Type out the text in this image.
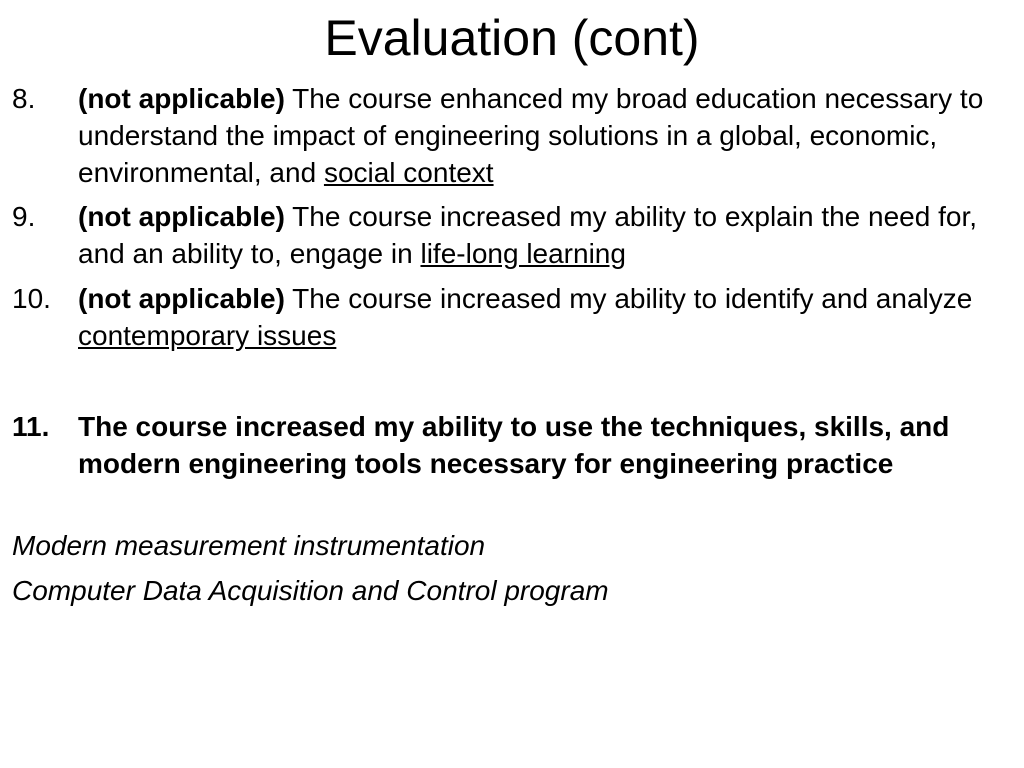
Evaluation (cont)
8. (not applicable) The course enhanced my broad education necessary to understand the impact of engineering solutions in a global, economic, environmental, and social context
9. (not applicable) The course increased my ability to explain the need for, and an ability to, engage in life-long learning
10. (not applicable) The course increased my ability to identify and analyze contemporary issues
11. The course increased my ability to use the techniques, skills, and modern engineering tools necessary for engineering practice
Modern measurement instrumentation
Computer Data Acquisition and Control program
